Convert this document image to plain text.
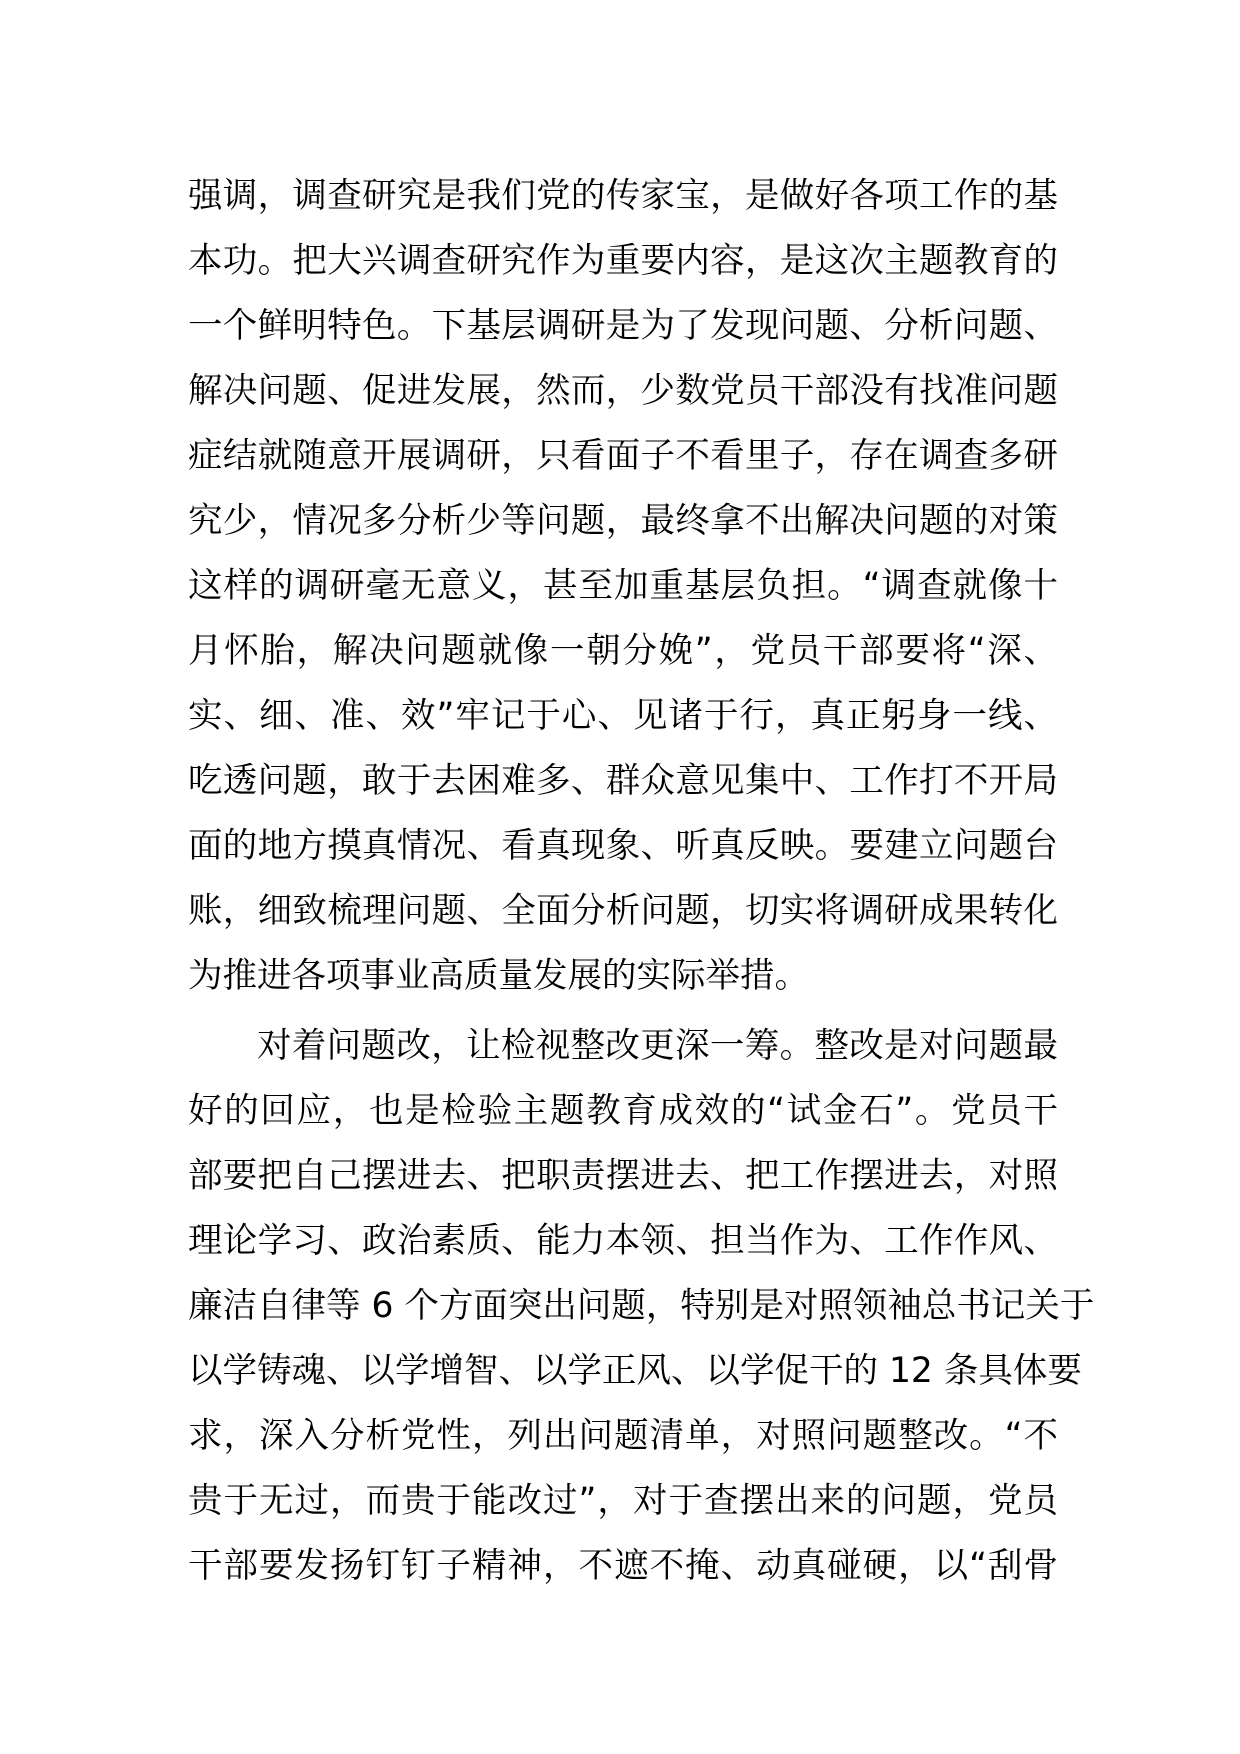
强调，调查研究是我们党的传家宝，是做好各项工作的基
本功。把大兴调查研究作为重要内容，是这次主题教育的
一个鲜明特色。下基层调研是为了发现问题、分析问题、
解决问题、促进发展，然而，少数党员干部没有找准问题
症结就随意开展调研，只看面子不看里子，存在调查多研
究少，情况多分析少等问题，最终拿不出解决问题的对策
这样的调研毫无意义，甚至加重基层负担。“调查就像十
月怀胎，解决问题就像一朝分娩”，党员干部要将“深、
实、细、准、效”牢记于心、见诸于行，真正躬身一线、
吃透问题，敢于去困难多、群众意见集中、工作打不开局
面的地方摸真情况、看真现象、听真反映。要建立问题台
账，细致梳理问题、全面分析问题，切实将调研成果转化
为推进各项事业高质量发展的实际举措。
对着问题改，让检视整改更深一筹。整改是对问题最
好的回应，也是检验主题教育成效的“试金石”。党员干
部要把自己摆进去、把职责摆进去、把工作摆进去，对照
理论学习、政治素质、能力本领、担当作为、工作作风、
廉洁自律等 6 个方面突出问题，特别是对照领袖总书记关于
以学铸魂、以学增智、以学正风、以学促干的 12 条具体要
求，深入分析党性，列出问题清单，对照问题整改。“不
贵于无过，而贵于能改过”，对于查摆出来的问题，党员
干部要发扬钉钉子精神，不遮不掩、动真碰硬，以“刮骨
